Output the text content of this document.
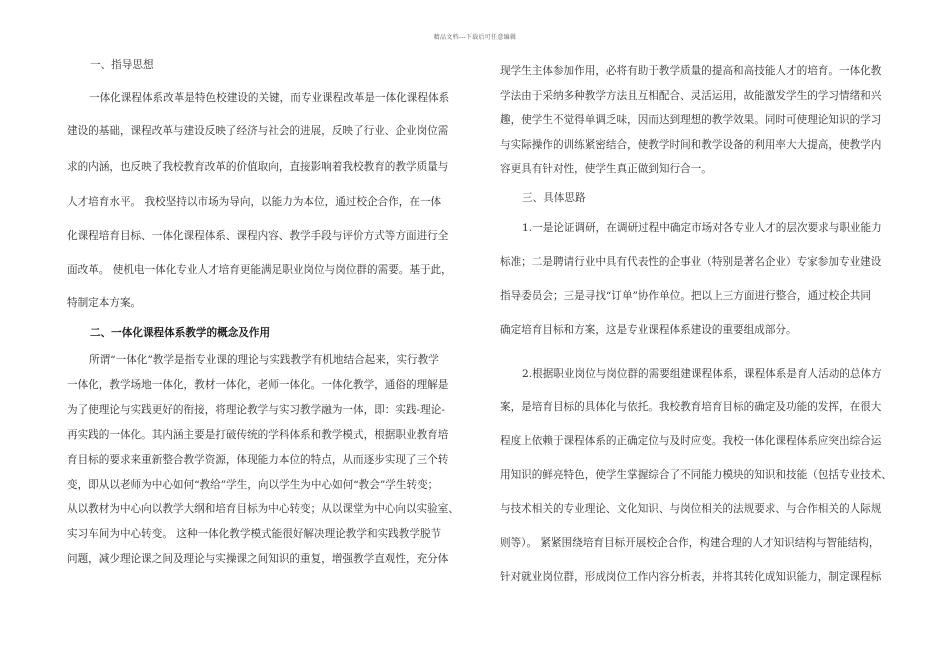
精品文档---下载后可任意编辑
一、指导思想
一体化课程体系改革是特色校建设的关键，而专业课程改革是一体化课程体系
建设的基础，课程改革与建设反映了经济与社会的进展，反映了行业、企业岗位需
求的内涵，也反映了我校教育改革的价值取向，直接影响着我校教育的教学质量与
人才培育水平。 我校坚持以市场为导向，以能力为本位，通过校企合作，在一体
化课程培育目标、一体化课程体系、课程内容、教学手段与评价方式等方面进行全
面改革。 使机电一体化专业人才培育更能满足职业岗位与岗位群的需要。基于此，
特制定本方案。
二、一体化课程体系教学的概念及作用
所谓“一体化”教学是指专业课的理论与实践教学有机地结合起来，实行教学
一体化，教学场地一体化，教材一体化，老师一体化。一体化教学，通俗的理解是
为了使理论与实践更好的衔接，将理论教学与实习教学融为一体，即：实践-理论-
再实践的一体化。其内涵主要是打破传统的学科体系和教学模式，根据职业教育培
育目标的要求来重新整合教学资源，体现能力本位的特点，从而逐步实现了三个转
变，即从以老师为中心如何“教给”学生，向以学生为中心如何“教会”学生转变；
从以教材为中心向以教学大纲和培育目标为中心转变；从以课堂为中心向以实验室、
实习车间为中心转变。 这种一体化教学模式能很好解决理论教学和实践教学脱节
问题，减少理论课之间及理论与实操课之间知识的重复，增强教学直观性，充分体
现学生主体参加作用，必将有助于教学质量的提高和高技能人才的培育。一体化教
学法由于采纳多种教学方法且互相配合、灵活运用，故能激发学生的学习情绪和兴
趣，使学生不觉得单调乏味，因而达到理想的教学效果。同时可使理论知识的学习
与实际操作的训练紧密结合，使教学时间和教学设备的利用率大大提高，使教学内
容更具有针对性，使学生真正做到知行合一。
三、具体思路
1.一是论证调研，在调研过程中确定市场对各专业人才的层次要求与职业能力
标准；二是聘请行业中具有代表性的企事业（特别是著名企业）专家参加专业建设
指导委员会；三是寻找“订单”协作单位。把以上三方面进行整合，通过校企共同
确定培育目标和方案，这是专业课程体系建设的重要组成部分。
2.根据职业岗位与岗位群的需要组建课程体系，课程体系是育人活动的总体方
案，是培育目标的具体化与依托。我校教育培育目标的确定及功能的发挥，在很大
程度上依赖于课程体系的正确定位与及时应变。我校一体化课程体系应突出综合运
用知识的鲜亮特色，使学生掌握综合了不同能力模块的知识和技能（包括专业技术、
与技术相关的专业理论、文化知识、与岗位相关的法规要求、与合作相关的人际规
则等）。 紧紧围绕培育目标开展校企合作，构建合理的人才知识结构与智能结构，
针对就业岗位群，形成岗位工作内容分析表，并将其转化成知识能力，制定课程标
